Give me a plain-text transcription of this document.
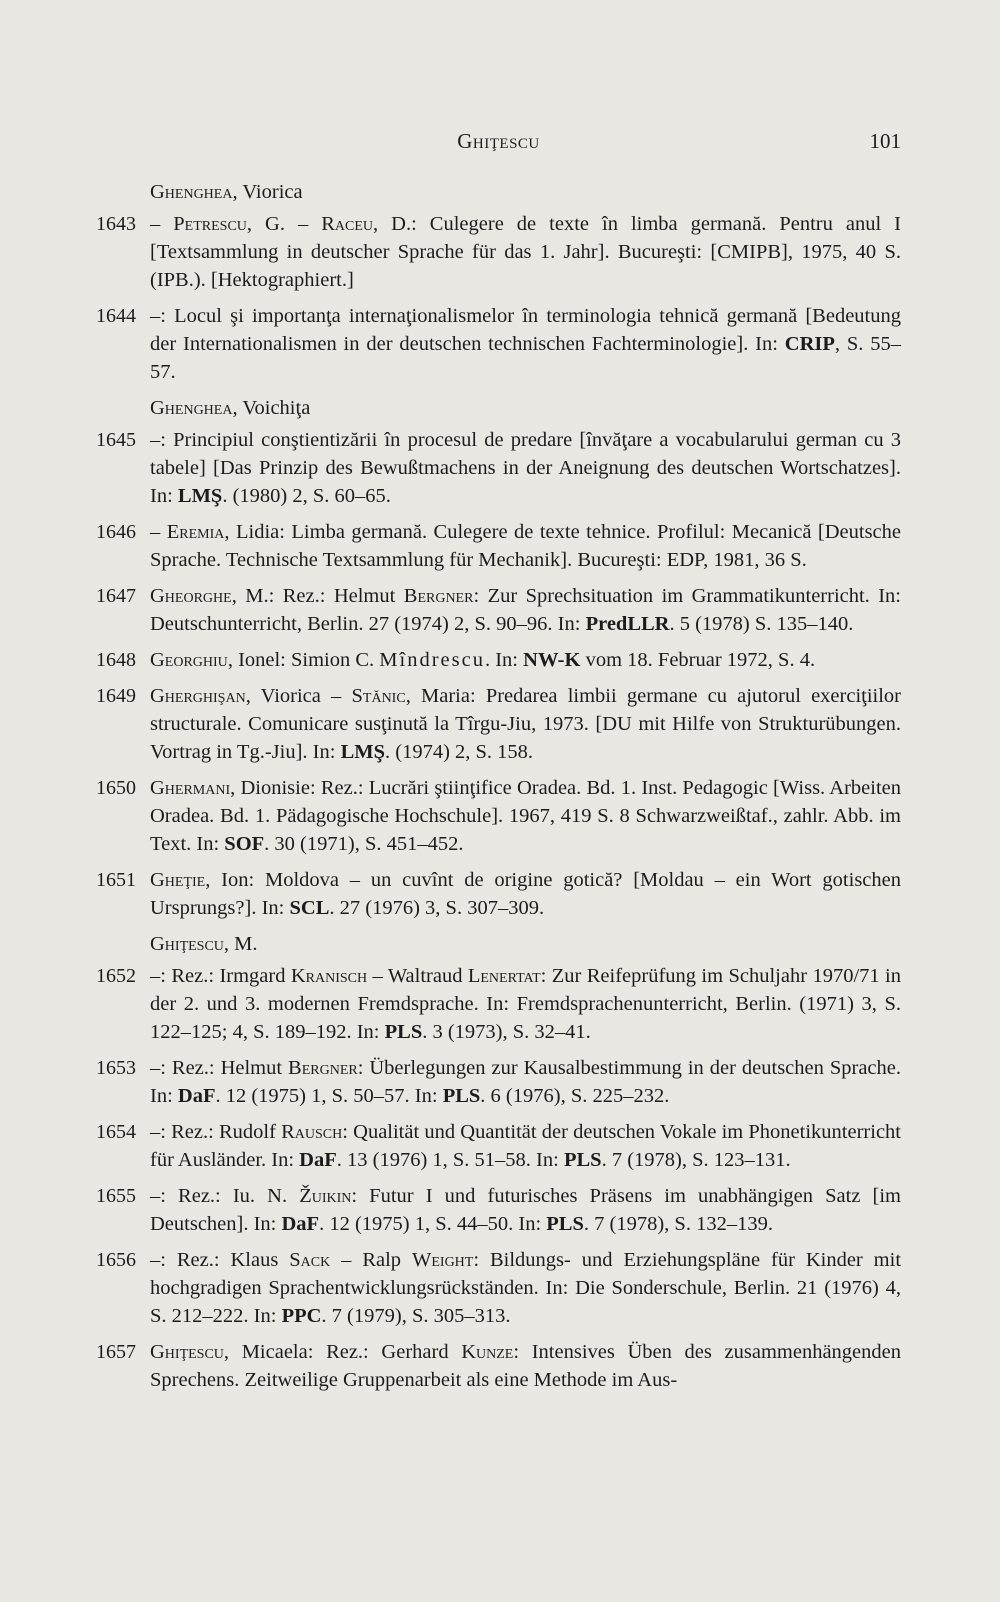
Ghiţescu	101
Ghenghea, Viorica
1643 – Petrescu, G. – Raceu, D.: Culegere de texte în limba germană. Pentru anul I [Textsammlung in deutscher Sprache für das 1. Jahr]. Bucureşti: [CMIPB], 1975, 40 S. (IPB.). [Hektographiert.]
1644 –: Locul şi importanţa internaţionalismelor în terminologia tehnică germană [Bedeutung der Internationalismen in der deutschen technischen Fachterminologie]. In: CRIP, S. 55–57.
Ghenghea, Voichiţa
1645 –: Principiul conştientizării în procesul de predare [învăţare a vocabularului german cu 3 tabele] [Das Prinzip des Bewußtmachens in der Aneignung des deutschen Wortschatzes]. In: LMŞ. (1980) 2, S. 60–65.
1646 – Eremia, Lidia: Limba germană. Culegere de texte tehnice. Profilul: Mecanică [Deutsche Sprache. Technische Textsammlung für Mechanik]. Bucureşti: EDP, 1981, 36 S.
1647 Gheorghe, M.: Rez.: Helmut Bergner: Zur Sprechsituation im Grammatikunterricht. In: Deutschunterricht, Berlin. 27 (1974) 2, S. 90–96. In: PredLLR. 5 (1978) S. 135–140.
1648 Georghiu, Ionel: Simion C. Mîndrescu. In: NW-K vom 18. Februar 1972, S. 4.
1649 Gherghişan, Viorica – Stănic, Maria: Predarea limbii germane cu ajutorul exerciţiilor structurale. Comunicare susţinută la Tîrgu-Jiu, 1973. [DU mit Hilfe von Strukturübungen. Vortrag in Tg.-Jiu]. In: LMŞ. (1974) 2, S. 158.
1650 Ghermani, Dionisie: Rez.: Lucrări ştiinţifice Oradea. Bd. 1. Inst. Pedagogic [Wiss. Arbeiten Oradea. Bd. 1. Pädagogische Hochschule]. 1967, 419 S. 8 Schwarzweißtaf., zahlr. Abb. im Text. In: SOF. 30 (1971), S. 451–452.
1651 Gheţie, Ion: Moldova – un cuvînt de origine gotică? [Moldau – ein Wort gotischen Ursprungs?]. In: SCL. 27 (1976) 3, S. 307–309.
Ghiţescu, M.
1652 –: Rez.: Irmgard Kranisch – Waltraud Lenertat: Zur Reifeprüfung im Schuljahr 1970/71 in der 2. und 3. modernen Fremdsprache. In: Fremdsprachenunterricht, Berlin. (1971) 3, S. 122–125; 4, S. 189–192. In: PLS. 3 (1973), S. 32–41.
1653 –: Rez.: Helmut Bergner: Überlegungen zur Kausalbestimmung in der deutschen Sprache. In: DaF. 12 (1975) 1, S. 50–57. In: PLS. 6 (1976), S. 225–232.
1654 –: Rez.: Rudolf Rausch: Qualität und Quantität der deutschen Vokale im Phonetikunterricht für Ausländer. In: DaF. 13 (1976) 1, S. 51–58. In: PLS. 7 (1978), S. 123–131.
1655 –: Rez.: Iu. N. Žuikin: Futur I und futurisches Präsens im unabhängigen Satz [im Deutschen]. In: DaF. 12 (1975) 1, S. 44–50. In: PLS. 7 (1978), S. 132–139.
1656 –: Rez.: Klaus Sack – Ralp Weight: Bildungs- und Erziehungspläne für Kinder mit hochgradigen Sprachentwicklungsrückständen. In: Die Sonderschule, Berlin. 21 (1976) 4, S. 212–222. In: PPC. 7 (1979), S. 305–313.
1657 Ghiţescu, Micaela: Rez.: Gerhard Kunze: Intensives Üben des zusammenhängenden Sprechens. Zeitweilige Gruppenarbeit als eine Methode im Aus-
